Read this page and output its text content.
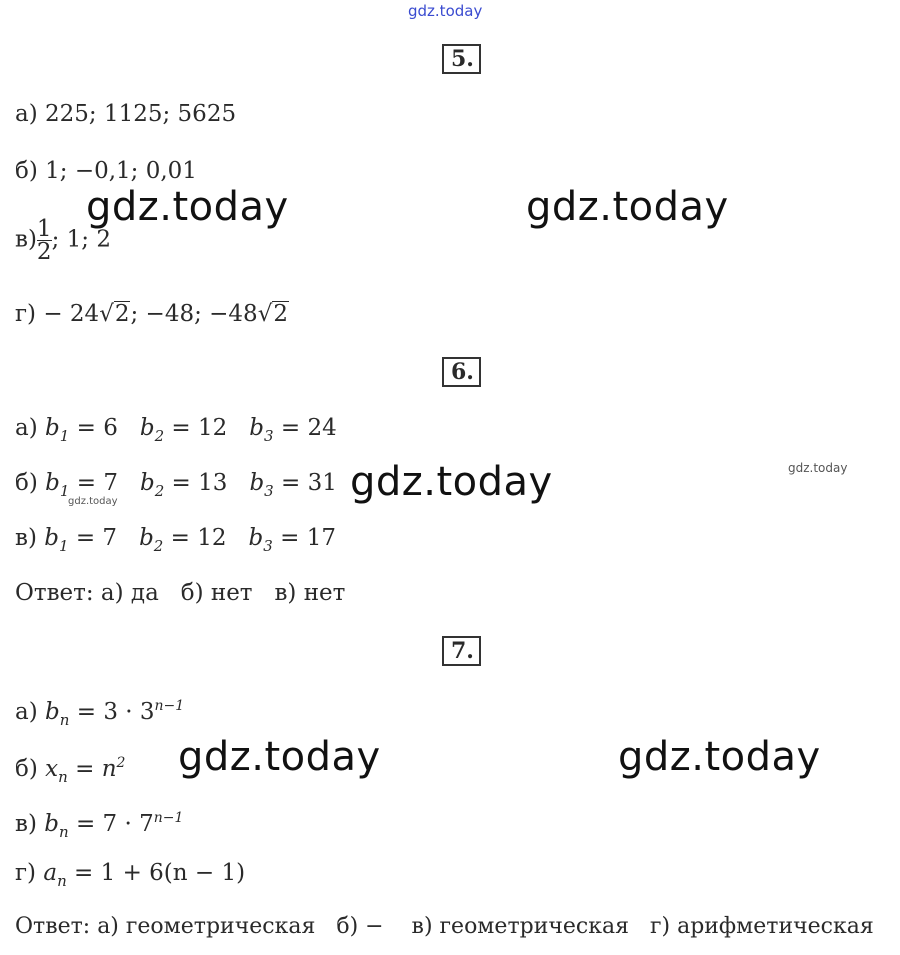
gdz.today
5.
а) 225; 1125; 5625
б) 1; −0,1; 0,01
$в) \frac{1}{2}$ ; 1; 2
г) − 24√2; −48; −48√2
gdz.today	gdz.today
6.
а) $b_1 = 6$ $b_2 = 12$ $b_3 = 24$
б) $b_1 = 7$ $b_2 = 13$ $b_3 = 31$
в) $b_1 = 7$ $b_2 = 12$ $b_3 = 17$
Ответ: а) да   б) нет   в) нет
gdz.today	gdz.today
gdz.today
7.
а) $b_n = 3 \cdot 3^{n-1}$
б) $x_n = n^2$
в) $b_n = 7 \cdot 7^{n-1}$
г) $a_n = 1 + 6(n - 1)$
Ответ: а) геометрическая   б) −    в) геометрическая   г) арифметическая
gdz.today	gdz.today
